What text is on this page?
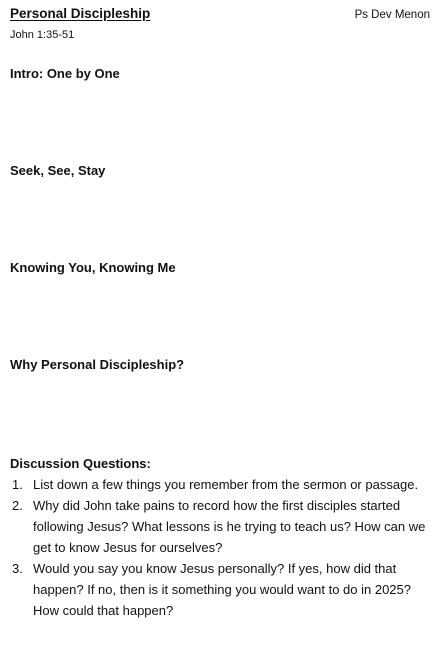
Personal Discipleship	Ps Dev Menon
John 1:35-51
Intro: One by One
Seek, See, Stay
Knowing You, Knowing Me
Why Personal Discipleship?
Discussion Questions:
1. List down a few things you remember from the sermon or passage.
2. Why did John take pains to record how the first disciples started following Jesus? What lessons is he trying to teach us? How can we get to know Jesus for ourselves?
3. Would you say you know Jesus personally? If yes, how did that happen? If no, then is it something you would want to do in 2025? How could that happen?
